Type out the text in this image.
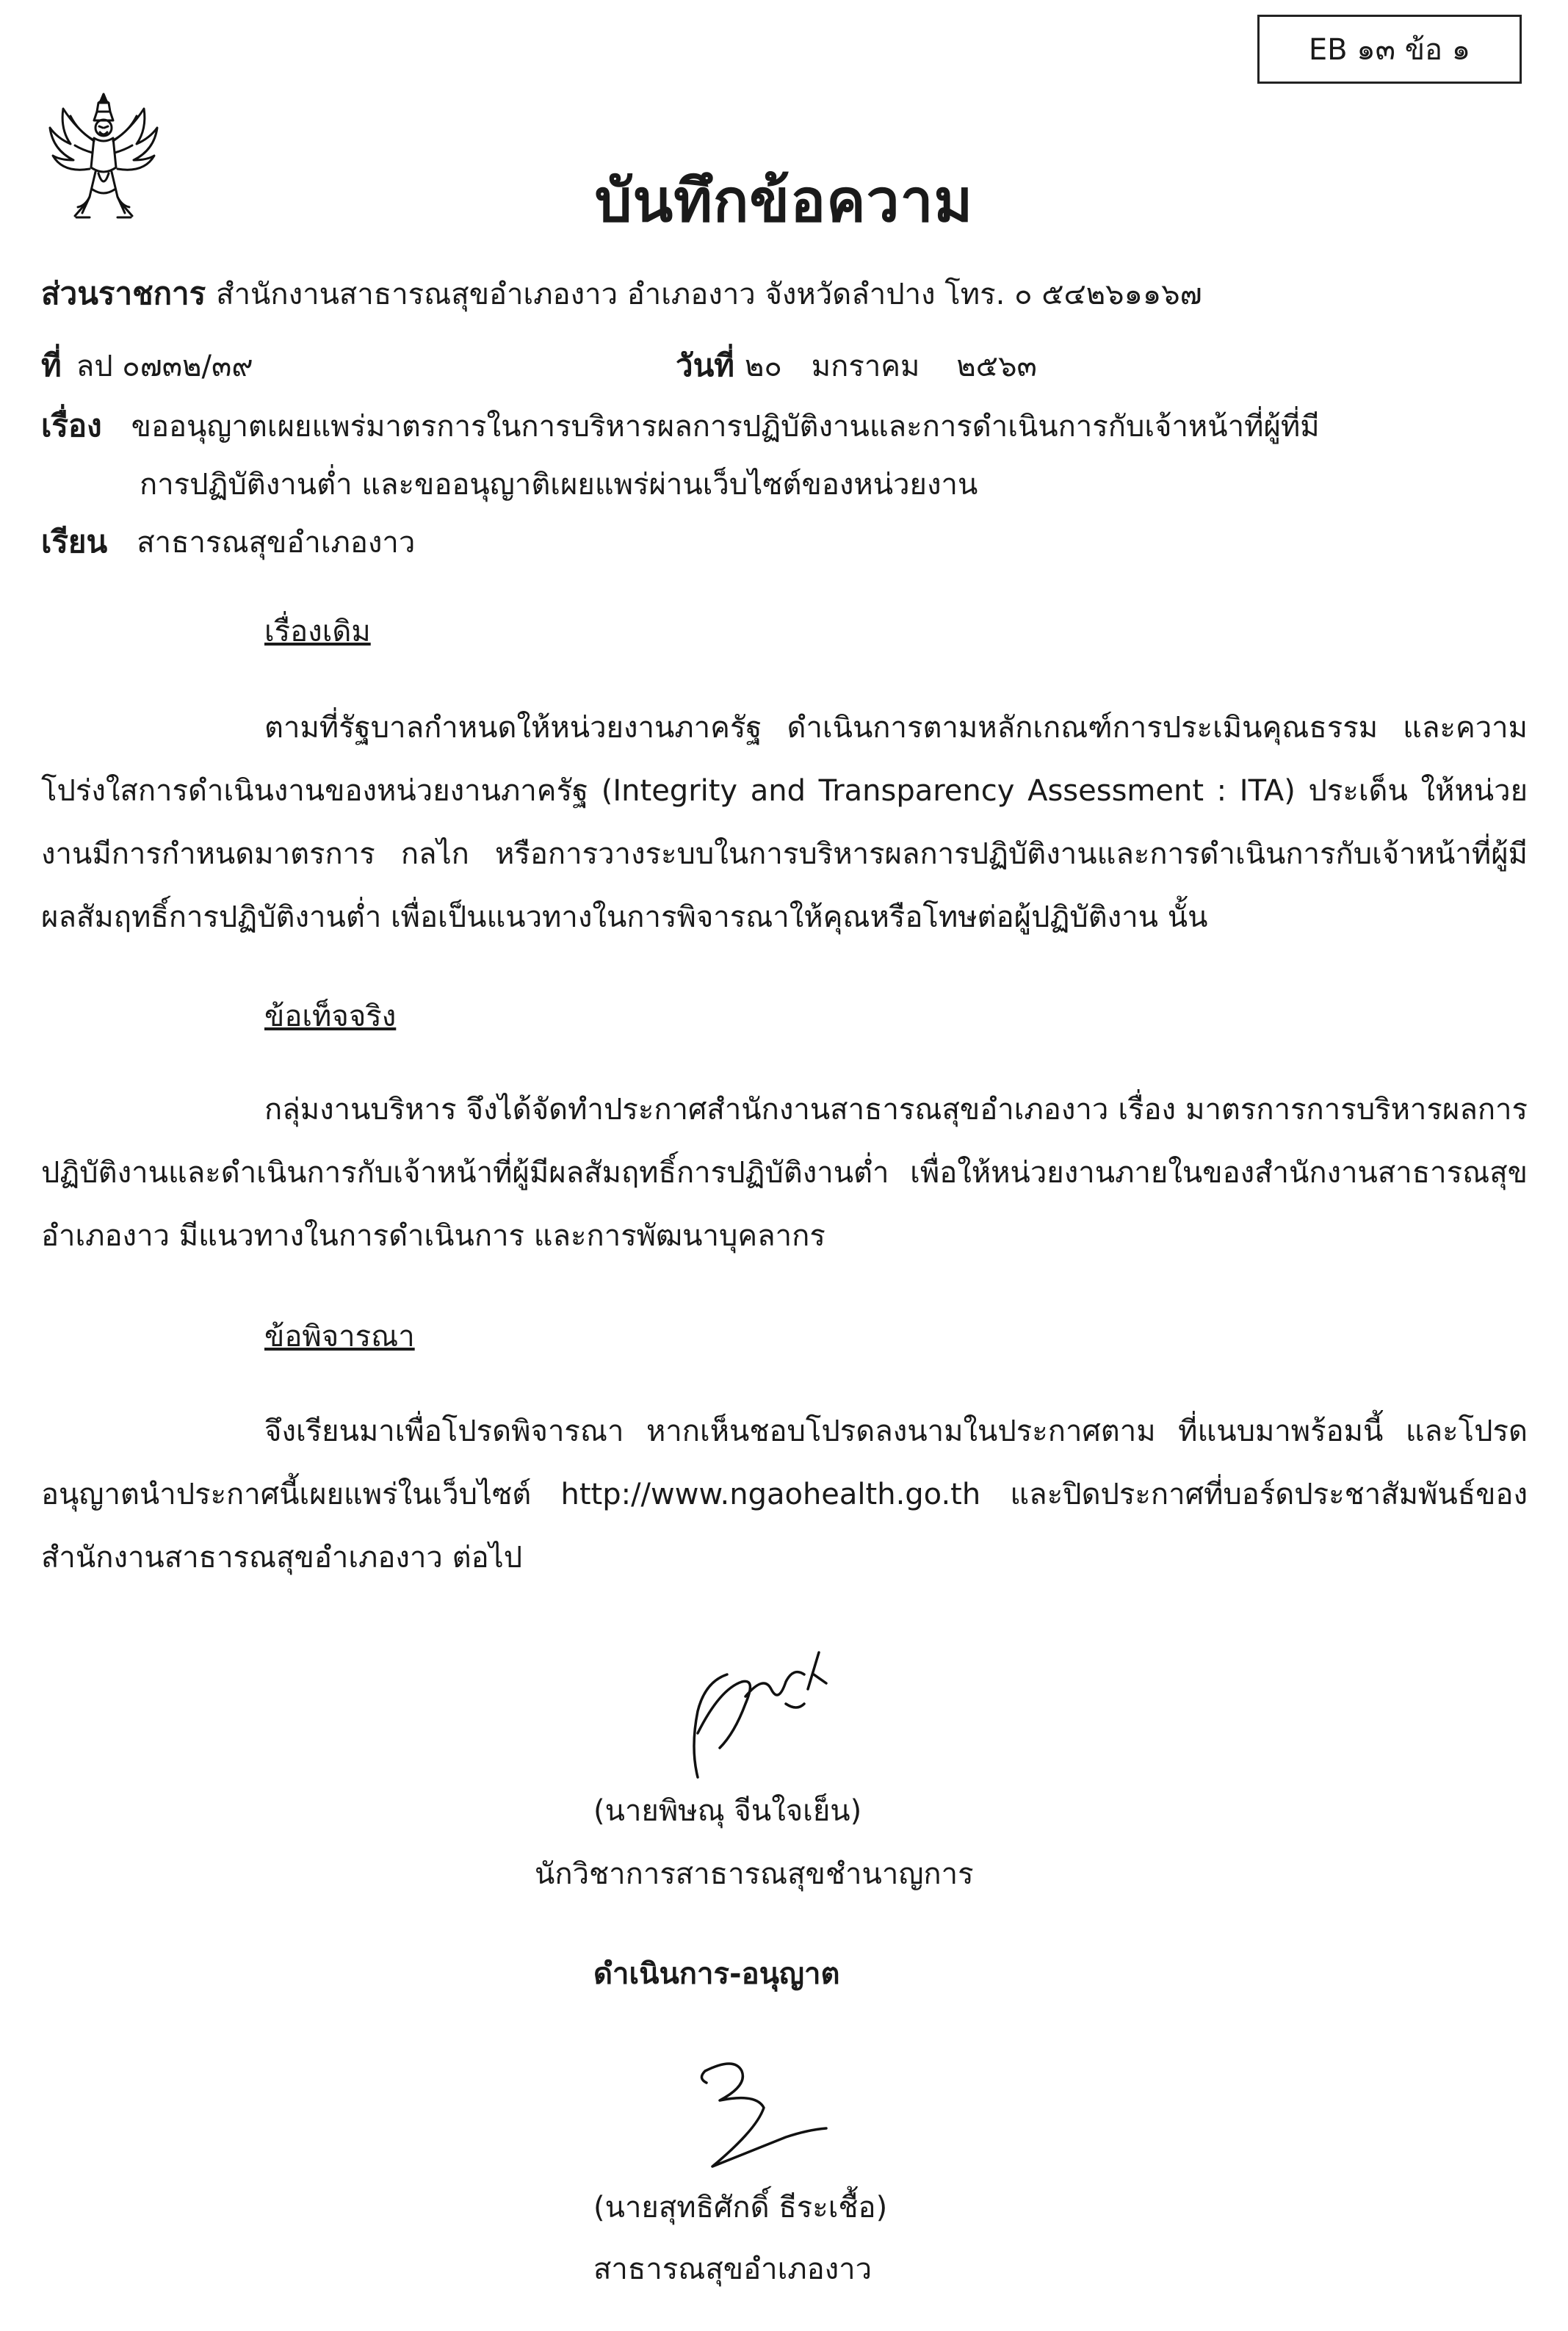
EB ๑๓ ข้อ ๑
บันทึกข้อความ
ส่วนราชการ สำนักงานสาธารณสุขอำเภองาว อำเภองาว จังหวัดลำปาง โทร. ๐ ๕๔๒๖๑๑๖๗
ที่ ลป ๐๗๓๒/๓๙	วันที่ ๒๐ มกราคม ๒๕๖๓
เรื่อง ขออนุญาตเผยแพร่มาตรการในการบริหารผลการปฏิบัติงานและการดำเนินการกับเจ้าหน้าที่ผู้ที่มี
การปฏิบัติงานต่ำ และขออนุญาติเผยแพร่ผ่านเว็บไซต์ของหน่วยงาน
เรียน สาธารณสุขอำเภองาว
เรื่องเดิม
ตามที่รัฐบาลกำหนดให้หน่วยงานภาครัฐ ดำเนินการตามหลักเกณฑ์การประเมินคุณธรรม และความโปร่งใสการดำเนินงานของหน่วยงานภาครัฐ (Integrity and Transparency Assessment : ITA) ประเด็น ให้หน่วยงานมีการกำหนดมาตรการ กลไก หรือการวางระบบในการบริหารผลการปฏิบัติงานและการดำเนินการกับเจ้าหน้าที่ผู้มีผลสัมฤทธิ์การปฏิบัติงานต่ำ เพื่อเป็นแนวทางในการพิจารณาให้คุณหรือโทษต่อผู้ปฏิบัติงาน นั้น
ข้อเท็จจริง
กลุ่มงานบริหาร จึงได้จัดทำประกาศสำนักงานสาธารณสุขอำเภองาว เรื่อง มาตรการการบริหารผลการปฏิบัติงานและดำเนินการกับเจ้าหน้าที่ผู้มีผลสัมฤทธิ์การปฏิบัติงานต่ำ เพื่อให้หน่วยงานภายในของสำนักงานสาธารณสุขอำเภองาว มีแนวทางในการดำเนินการ และการพัฒนาบุคลากร
ข้อพิจารณา
จึงเรียนมาเพื่อโปรดพิจารณา หากเห็นชอบโปรดลงนามในประกาศตาม ที่แนบมาพร้อมนี้ และโปรดอนุญาตนำประกาศนี้เผยแพร่ในเว็บไซต์ http://www.ngaohealth.go.th และปิดประกาศที่บอร์ดประชาสัมพันธ์ของสำนักงานสาธารณสุขอำเภองาว ต่อไป
(นายพิษณุ จีนใจเย็น)
นักวิชาการสาธารณสุขชำนาญการ
ดำเนินการ-อนุญาต
(นายสุทธิศักดิ์ ธีระเชื้อ)
สาธารณสุขอำเภองาว
